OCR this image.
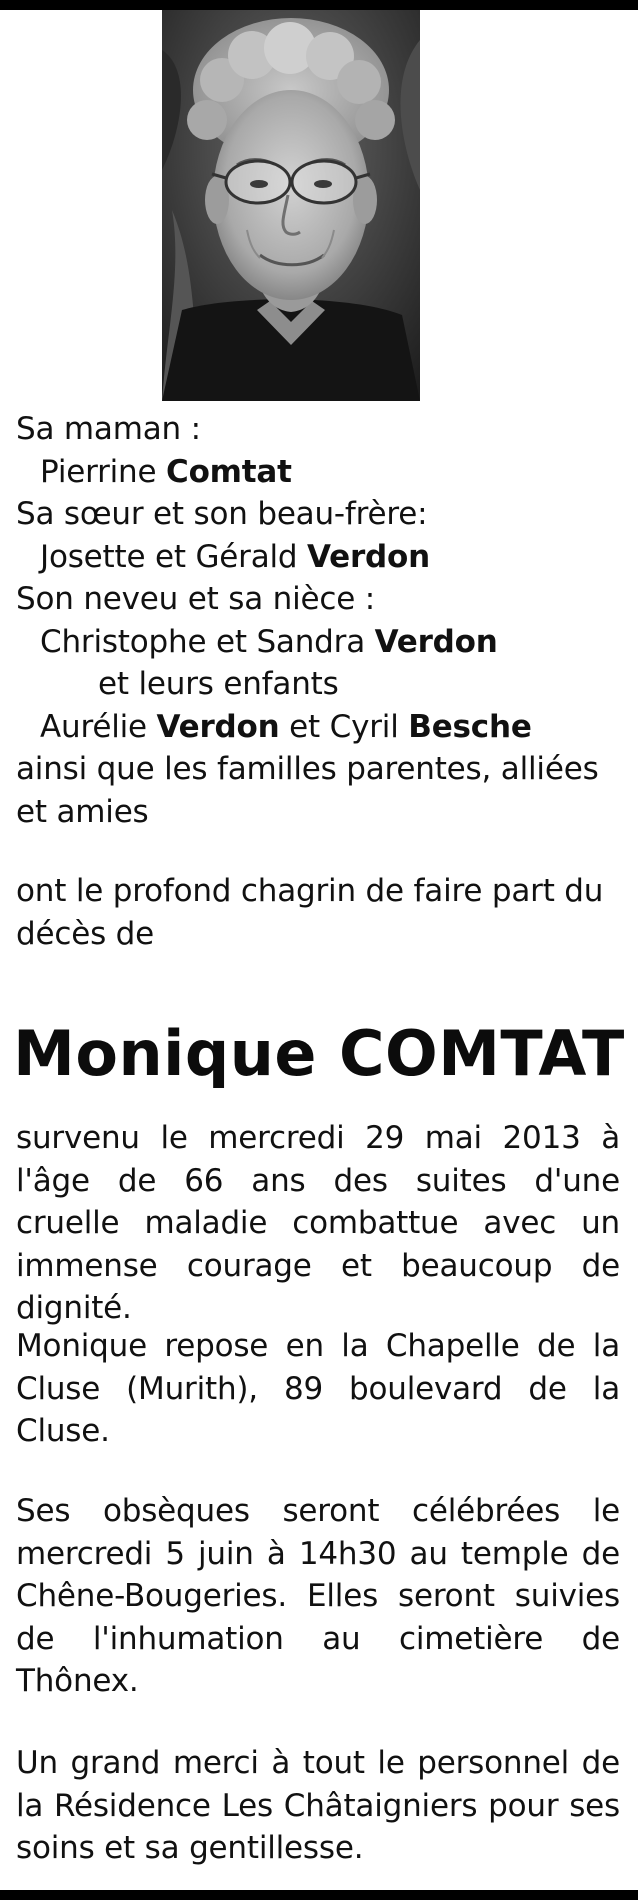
Sa maman :
Pierrine Comtat
Sa sœur et son beau-frère:
Josette et Gérald Verdon
Son neveu et sa nièce :
Christophe et Sandra Verdon
et leurs enfants
Aurélie Verdon et Cyril Besche
ainsi que les familles parentes, alliées et amies
ont le profond chagrin de faire part du décès de
Monique COMTAT
survenu le mercredi 29 mai 2013 à l'âge de 66 ans des suites d'une cruelle maladie combattue avec un immense courage et beaucoup de dignité.
Monique repose en la Chapelle de la Cluse (Murith), 89 boulevard de la Cluse.
Ses obsèques seront célébrées le mercredi 5 juin à 14h30 au temple de Chêne-Bougeries. Elles seront suivies de l'inhumation au cimetière de Thônex.
Un grand merci à tout le personnel de la Résidence Les Châtaigniers pour ses soins et sa gentillesse.
